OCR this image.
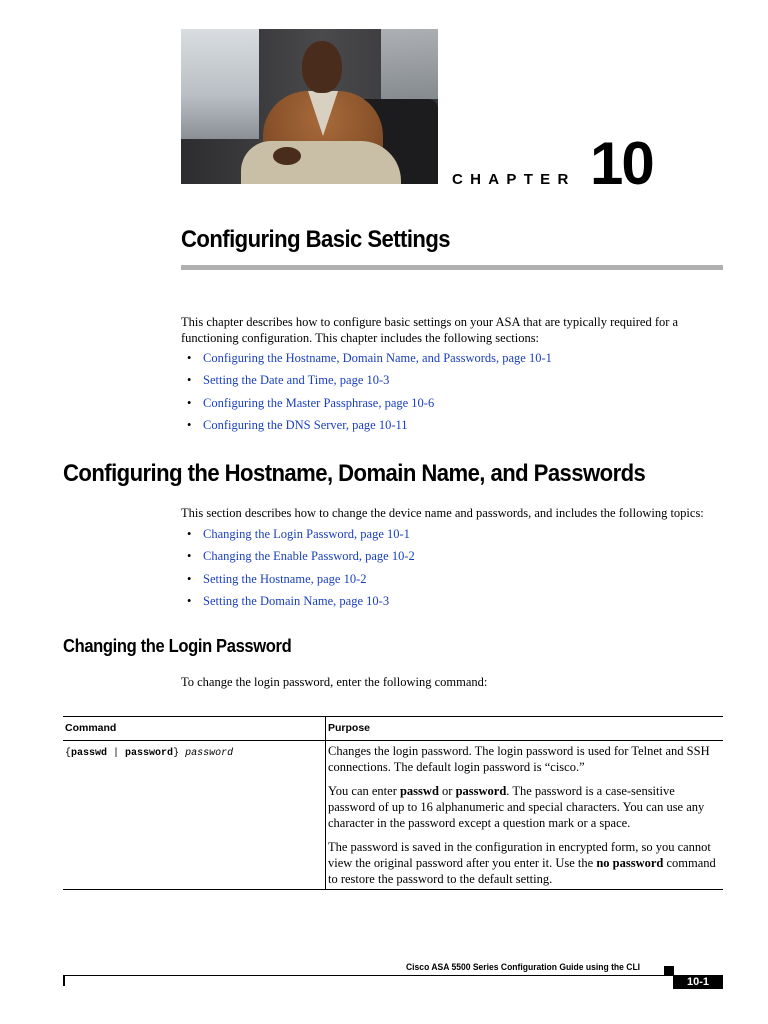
CHAPTER 10
Configuring Basic Settings
This chapter describes how to configure basic settings on your ASA that are typically required for a functioning configuration. This chapter includes the following sections:
• Configuring the Hostname, Domain Name, and Passwords, page 10-1
• Setting the Date and Time, page 10-3
• Configuring the Master Passphrase, page 10-6
• Configuring the DNS Server, page 10-11
Configuring the Hostname, Domain Name, and Passwords
This section describes how to change the device name and passwords, and includes the following topics:
• Changing the Login Password, page 10-1
• Changing the Enable Password, page 10-2
• Setting the Hostname, page 10-2
• Setting the Domain Name, page 10-3
Changing the Login Password
To change the login password, enter the following command:
Command	Purpose
{passwd | password} password	Changes the login password. The login password is used for Telnet and SSH connections. The default login password is “cisco.”

	You can enter passwd or password. The password is a case-sensitive password of up to 16 alphanumeric and special characters. You can use any character in the password except a question mark or a space.

	The password is saved in the configuration in encrypted form, so you cannot view the original password after you enter it. Use the no password command to restore the password to the default setting.

Cisco ASA 5500 Series Configuration Guide using the CLI
10-1
